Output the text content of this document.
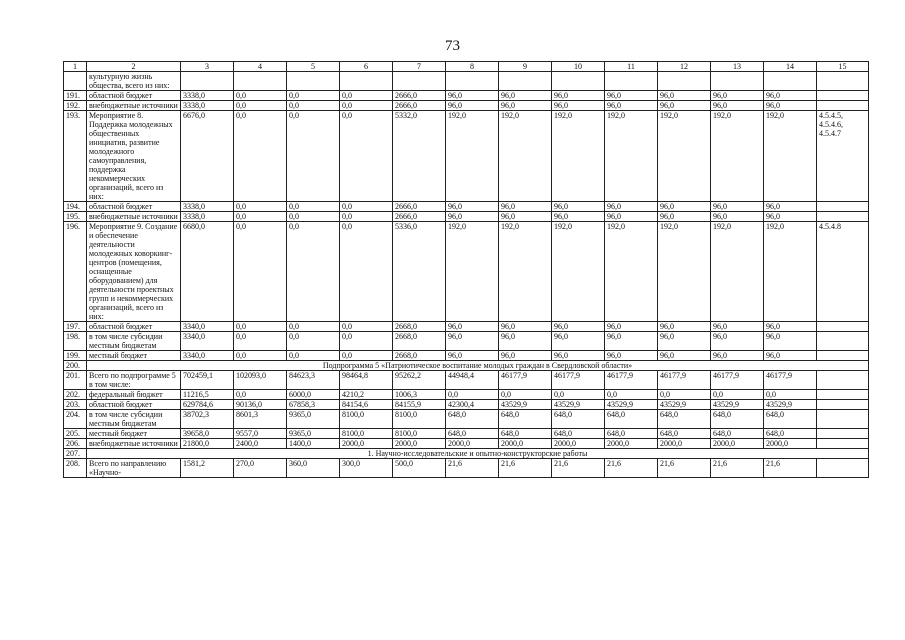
73
1	2	3	4	5	6	7	8	9	10	11	12	13	14	15
	культурную жизнь общества, всего из них:													
191.	областной бюджет	3338,0	0,0	0,0	0,0	2666,0	96,0	96,0	96,0	96,0	96,0	96,0	96,0	
192.	внебюджетные источники	3338,0	0,0	0,0	0,0	2666,0	96,0	96,0	96,0	96,0	96,0	96,0	96,0	
193.	Мероприятие 8. Поддержка молодежных общественных инициатив, развитие молодежного самоуправления, поддержка некоммерческих организаций, всего из них:	6676,0	0,0	0,0	0,0	5332,0	192,0	192,0	192,0	192,0	192,0	192,0	192,0	4.5.4.5, 4.5.4.6, 4.5.4.7
194.	областной бюджет	3338,0	0,0	0,0	0,0	2666,0	96,0	96,0	96,0	96,0	96,0	96,0	96,0	
195.	внебюджетные источники	3338,0	0,0	0,0	0,0	2666,0	96,0	96,0	96,0	96,0	96,0	96,0	96,0	
196.	Мероприятие 9. Создание и обеспечение деятельности молодежных коворкинг-центров (помещения, оснащенные оборудованием) для деятельности проектных групп и некоммерческих организаций, всего из них:	6680,0	0,0	0,0	0,0	5336,0	192,0	192,0	192,0	192,0	192,0	192,0	192,0	4.5.4.8
197.	областной бюджет	3340,0	0,0	0,0	0,0	2668,0	96,0	96,0	96,0	96,0	96,0	96,0	96,0	
198.	в том числе субсидии местным бюджетам	3340,0	0,0	0,0	0,0	2668,0	96,0	96,0	96,0	96,0	96,0	96,0	96,0	
199.	местный бюджет	3340,0	0,0	0,0	0,0	2668,0	96,0	96,0	96,0	96,0	96,0	96,0	96,0	
200.	Подпрограмма 5 «Патриотическое воспитание молодых граждан в Свердловской области»													
201.	Всего по подпрограмме 5 в том числе:	702459,1	102093,0	84623,3	98464,8	95262,2	44948,4	46177,9	46177,9	46177,9	46177,9	46177,9	46177,9	
202.	федеральный бюджет	11216,5	0,0	6000,0	4210,2	1006,3	0,0	0,0	0,0	0,0	0,0	0,0	0,0	
203.	областной бюджет	629784,6	90136,0	67858,3	84154,6	84155,9	42300,4	43529,9	43529,9	43529,9	43529,9	43529,9	43529,9	
204.	в том числе субсидии местным бюджетам	38702,3	8601,3	9365,0	8100,0	8100,0	648,0	648,0	648,0	648,0	648,0	648,0	648,0	
205.	местный бюджет	39658,0	9557,0	9365,0	8100,0	8100,0	648,0	648,0	648,0	648,0	648,0	648,0	648,0	
206.	внебюджетные источники	21800,0	2400,0	1400,0	2000,0	2000,0	2000,0	2000,0	2000,0	2000,0	2000,0	2000,0	2000,0	
207.	1. Научно-исследовательские и опытно-конструкторские работы													
208.	Всего по направлению «Научно-	1581,2	270,0	360,0	300,0	500,0	21,6	21,6	21,6	21,6	21,6	21,6	21,6	
